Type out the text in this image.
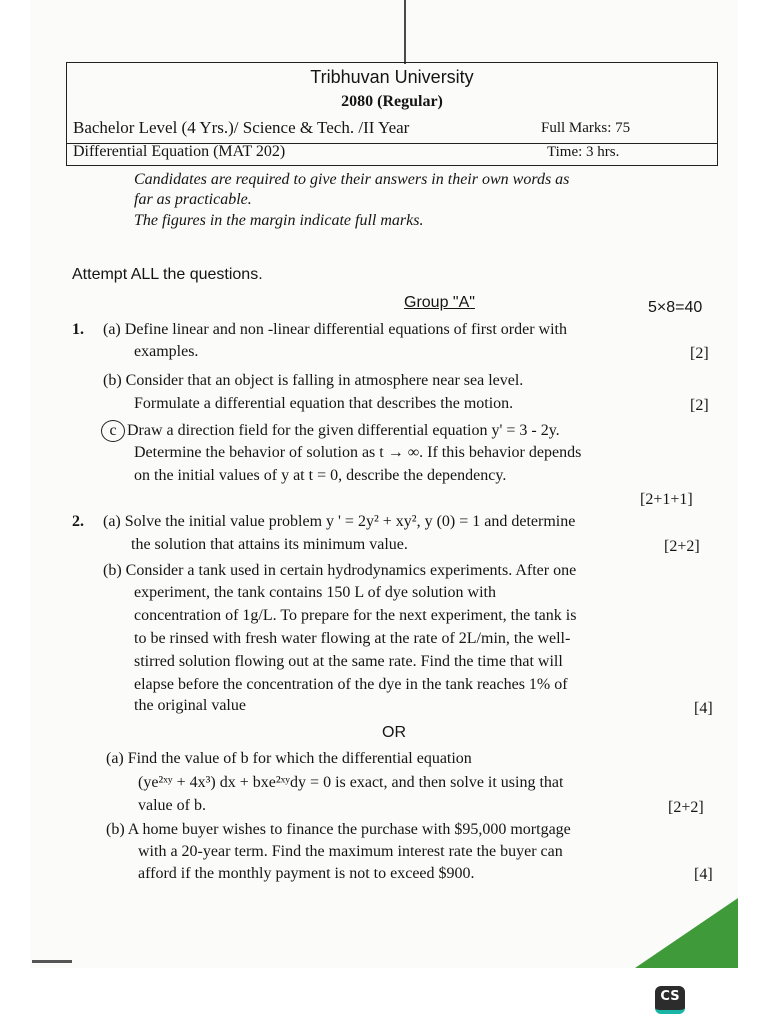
Tribhuvan University
2080 (Regular)
Bachelor Level (4 Yrs.)/ Science & Tech. /II Year	Full Marks: 75
Differential Equation (MAT 202)	Time: 3 hrs.
Candidates are required to give their answers in their own words as
far as practicable.
The figures in the margin indicate full marks.
Attempt ALL the questions.
Group "A"	5×8=40
1. (a) Define linear and non -linear differential equations of first order with
examples.	[2]
(b) Consider that an object is falling in atmosphere near sea level.
Formulate a differential equation that describes the motion.	[2]
c Draw a direction field for the given differential equation y' = 3 - 2y.
Determine the behavior of solution as t → ∞. If this behavior depends
on the initial values of y at t = 0, describe the dependency.
[2+1+1]
2. (a) Solve the initial value problem y ' = 2y² + xy², y (0) = 1 and determine
the solution that attains its minimum value.	[2+2]
(b) Consider a tank used in certain hydrodynamics experiments. After one
experiment, the tank contains 150 L of dye solution with
concentration of 1g/L. To prepare for the next experiment, the tank is
to be rinsed with fresh water flowing at the rate of 2L/min, the well-
stirred solution flowing out at the same rate. Find the time that will
elapse before the concentration of the dye in the tank reaches 1% of
the original value	[4]
OR
(a) Find the value of b for which the differential equation
(ye²ˣʸ + 4x³) dx + bxe²ˣʸdy = 0 is exact, and then solve it using that
value of b.	[2+2]
(b) A home buyer wishes to finance the purchase with $95,000 mortgage
with a 20-year term. Find the maximum interest rate the buyer can
afford if the monthly payment is not to exceed $900.	[4]
CS
